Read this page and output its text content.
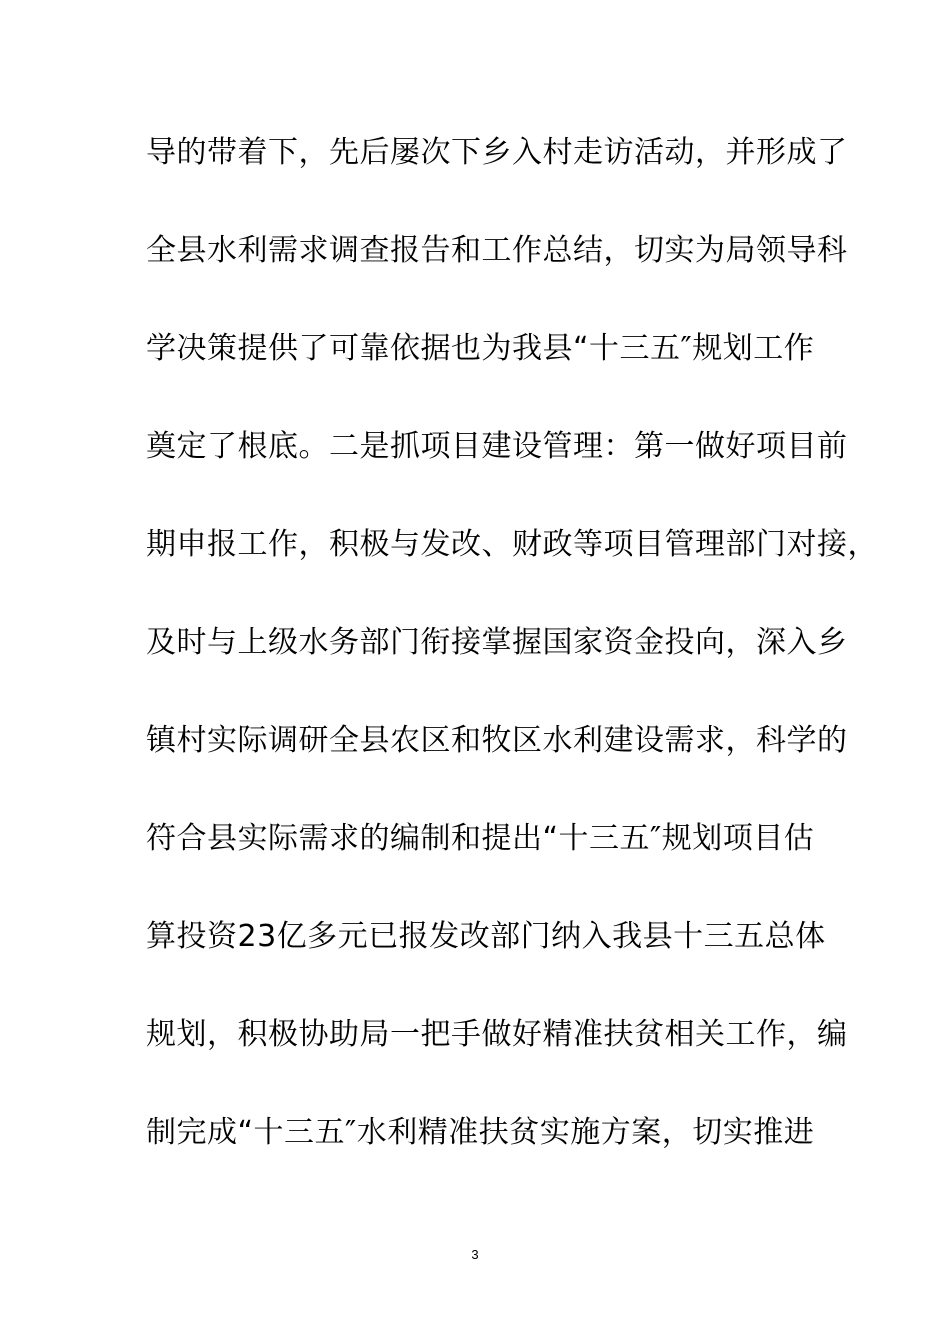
导的带着下，先后屡次下乡入村走访活动，并形成了
全县水利需求调查报告和工作总结，切实为局领导科
学决策提供了可靠依据也为我县“十三五″规划工作
奠定了根底。二是抓项目建设管理：第一做好项目前
期申报工作，积极与发改、财政等项目管理部门对接，
及时与上级水务部门衔接掌握国家资金投向，深入乡
镇村实际调研全县农区和牧区水利建设需求，科学的
符合县实际需求的编制和提出“十三五″规划项目估
算投资23亿多元已报发改部门纳入我县十三五总体
规划，积极协助局一把手做好精准扶贫相关工作，编
制完成“十三五″水利精准扶贫实施方案，切实推进
3
